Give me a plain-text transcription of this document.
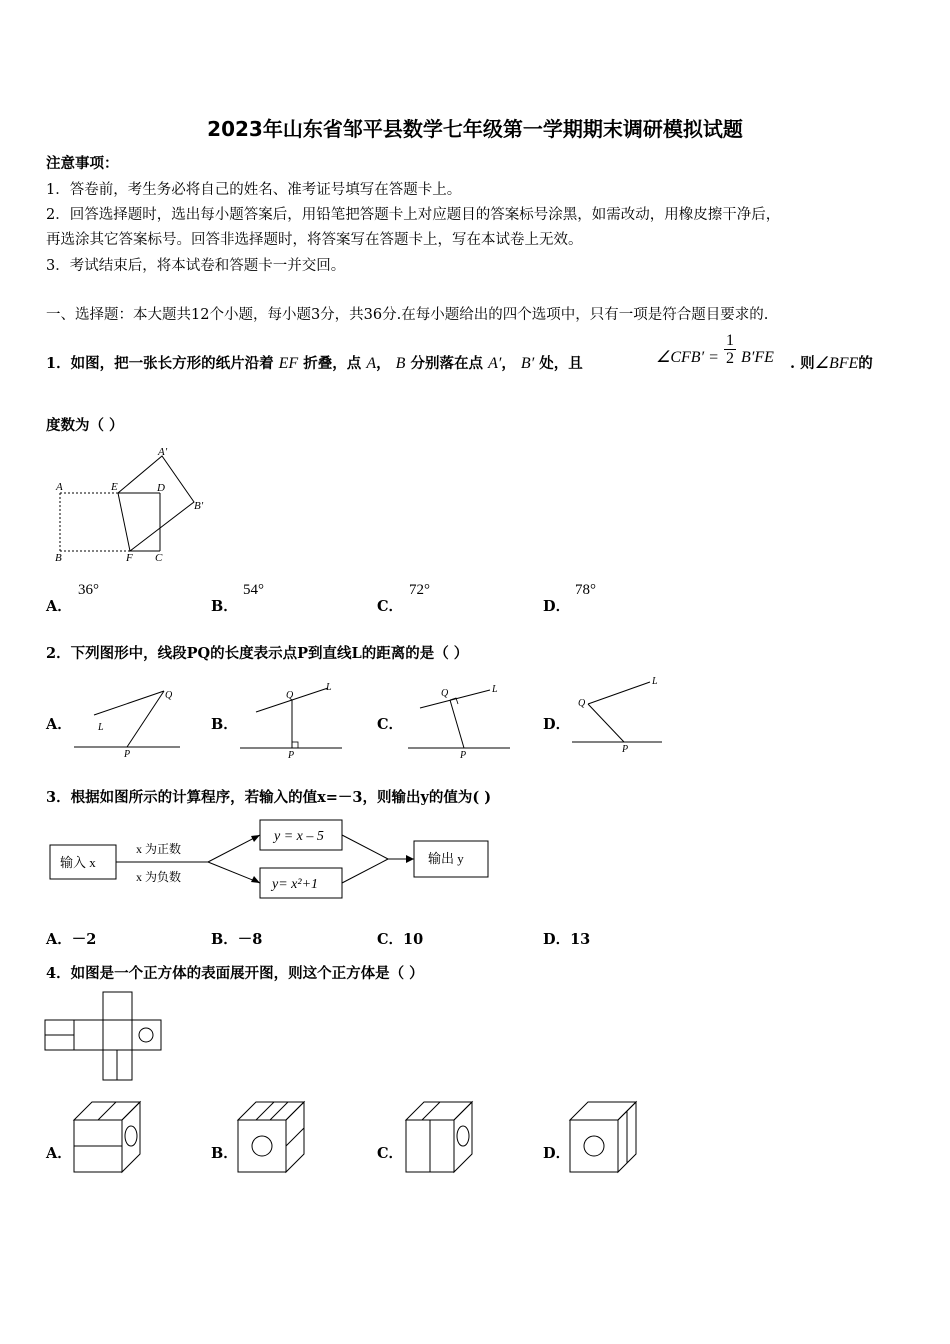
2023年山东省邹平县数学七年级第一学期期末调研模拟试题
注意事项：
1．答卷前，考生务必将自己的姓名、准考证号填写在答题卡上。
2．回答选择题时，选出每小题答案后，用铅笔把答题卡上对应题目的答案标号涂黑，如需改动，用橡皮擦干净后，
再选涂其它答案标号。回答非选择题时，将答案写在答题卡上，写在本试卷上无效。
3．考试结束后，将本试卷和答题卡一并交回。
一、选择题：本大题共12个小题，每小题3分，共36分.在每小题给出的四个选项中，只有一项是符合题目要求的.
1．如图，把一张长方形的纸片沿着 EF 折叠，点 A， B 分别落在点 A′， B′ 处，且	∠CFB′ = $\frac{1}{2} B'FE$ . 则∠BFE的
度数为（ ）
A	E	D
A′
B′
B	F C
A．
36°
B．
54°
C．
72°
D．
78°
2．下列图形中，线段PQ的长度表示点P到直线L的距离的是（ ）
A．
Q
L
P
B．
Q
L
P
C．
Q	L
P
D．
Q
L
P
3．根据如图所示的计算程序，若输入的值x=－3，则输出y的值为( )
输入 x
x 为正数
x 为负数
y = x – 5
y= x²+1
输出 y
A．－2	B．－8	C．10	D．13
4．如图是一个正方体的表面展开图，则这个正方体是（ ）
A．	B．	C．	D．
